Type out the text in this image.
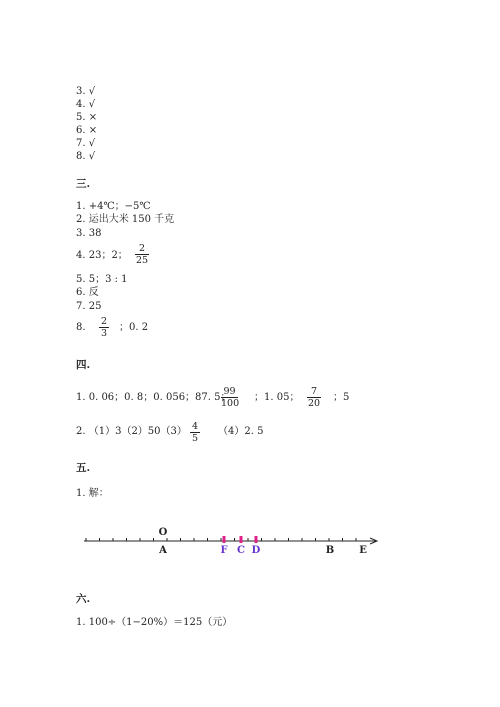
3. √
4. √
5. ×
6. ×
7. √
8. √
三.
1. +4℃；−5℃
2. 运出大米 150 千克
3. 38
4. 23；2； $\frac{2}{25}$
5. 5；3 : 1
6. 反
7. 25
8. $\frac{2}{3}$ ；0. 2
四.
1. 0. 06；0. 8；0. 056；87. 5；
$\frac{99}{100}$ ；1. 05； $\frac{7}{20}$ ；5
2. $(1)3(2)50(3) \frac{4}{5} (4)2$. 5
五.
1. 解：
O
A	F C D	B E
六.
1. 100÷（1−20%）＝125（元）
